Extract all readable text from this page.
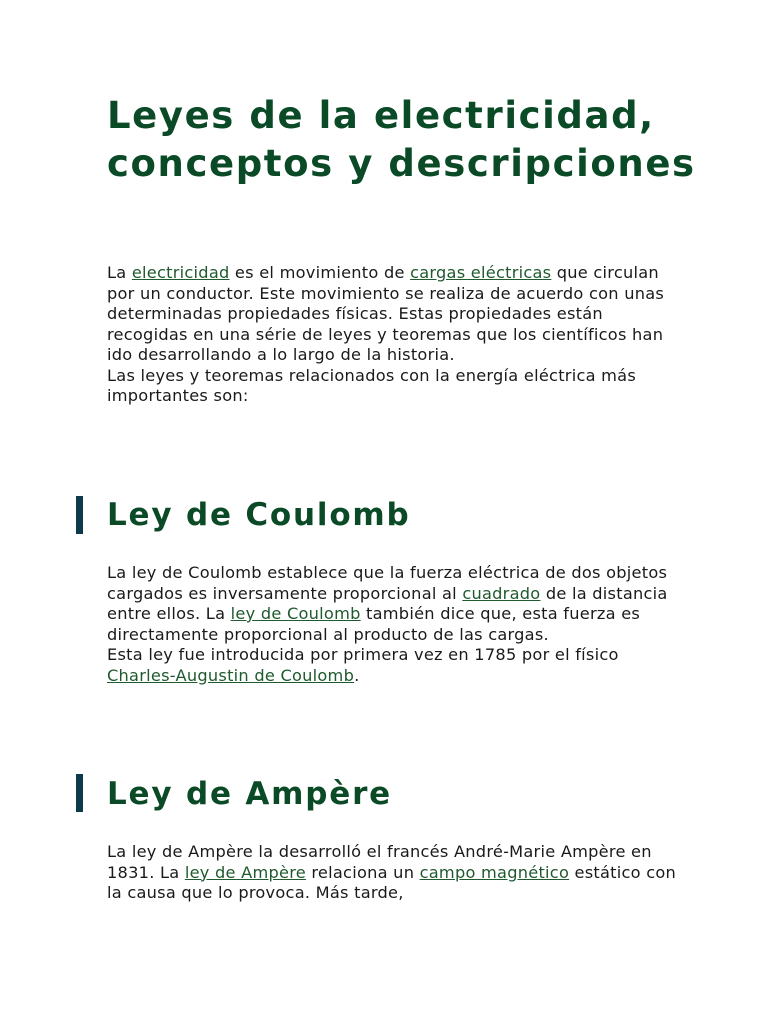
Leyes de la electricidad, conceptos y descripciones

La electricidad es el movimiento de cargas eléctricas que circulan por un conductor. Este movimiento se realiza de acuerdo con unas determinadas propiedades físicas. Estas propiedades están recogidas en una série de leyes y teoremas que los científicos han ido desarrollando a lo largo de la historia.
Las leyes y teoremas relacionados con la energía eléctrica más importantes son:

Ley de Coulomb

La ley de Coulomb establece que la fuerza eléctrica de dos objetos cargados es inversamente proporcional al cuadrado de la distancia entre ellos. La ley de Coulomb también dice que, esta fuerza es directamente proporcional al producto de las cargas.
Esta ley fue introducida por primera vez en 1785 por el físico Charles-Augustin de Coulomb.

Ley de Ampère

La ley de Ampère la desarrolló el francés André-Marie Ampère en 1831. La ley de Ampère relaciona un campo magnético estático con la causa que lo provoca. Más tarde,
